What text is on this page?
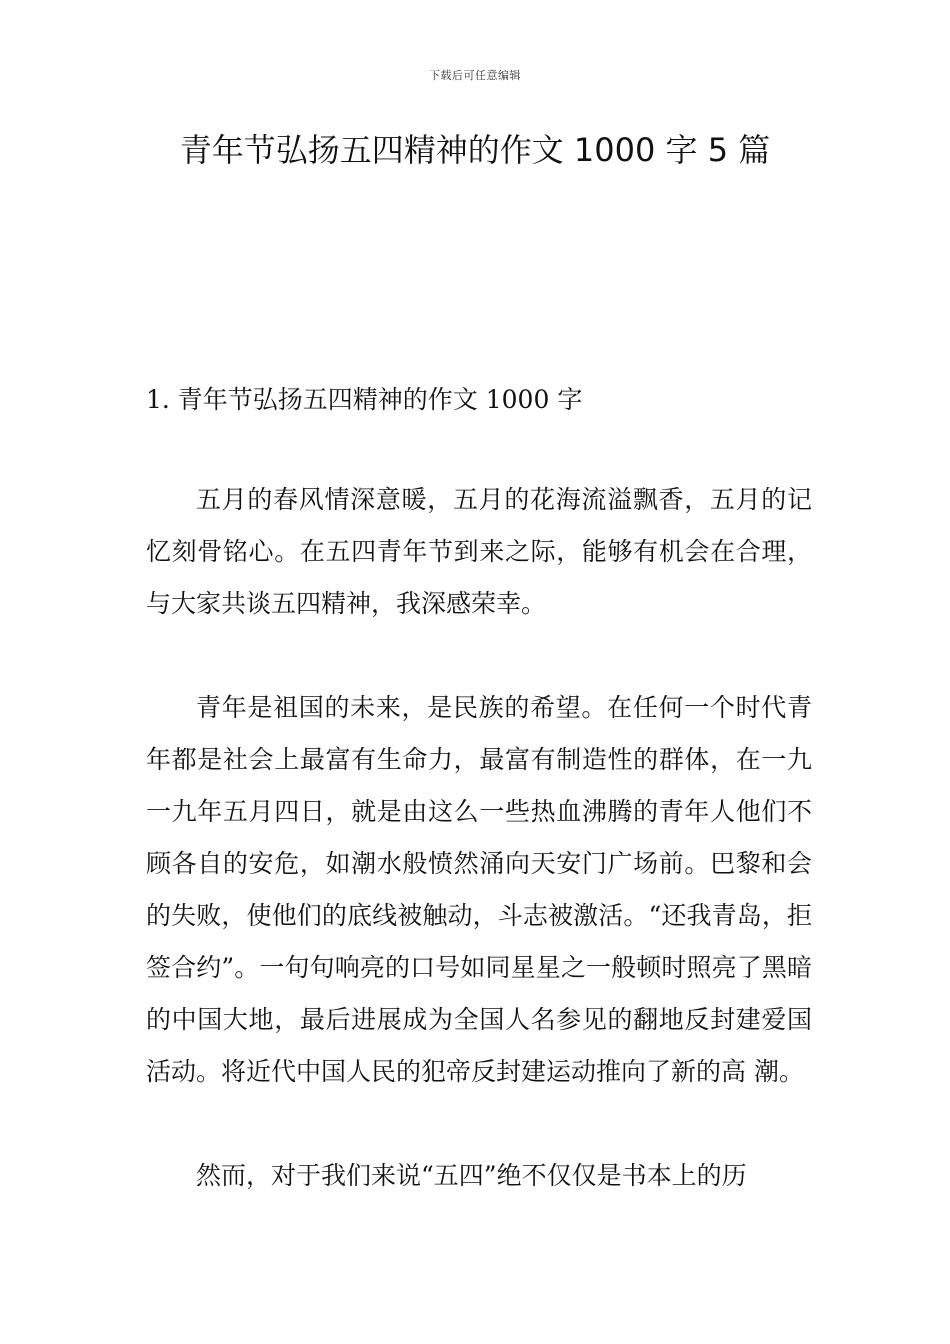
下载后可任意编辑
青年节弘扬五四精神的作文 1000 字 5 篇
1. 青年节弘扬五四精神的作文 1000 字

五月的春风情深意暖，五月的花海流溢飘香，五月的记忆刻骨铭心。在五四青年节到来之际，能够有机会在合理，与大家共谈五四精神，我深感荣幸。

青年是祖国的未来，是民族的希望。在任何一个时代青年都是社会上最富有生命力，最富有制造性的群体，在一九一九年五月四日，就是由这么一些热血沸腾的青年人他们不顾各自的安危，如潮水般愤然涌向天安门广场前。巴黎和会的失败，使他们的底线被触动，斗志被激活。“还我青岛，拒签合约”。一句句响亮的口号如同星星之一般顿时照亮了黑暗的中国大地，最后进展成为全国人名参见的翻地反封建爱国活动。将近代中国人民的犯帝反封建运动推向了新的高 潮。

然而，对于我们来说“五四”绝不仅仅是书本上的历
